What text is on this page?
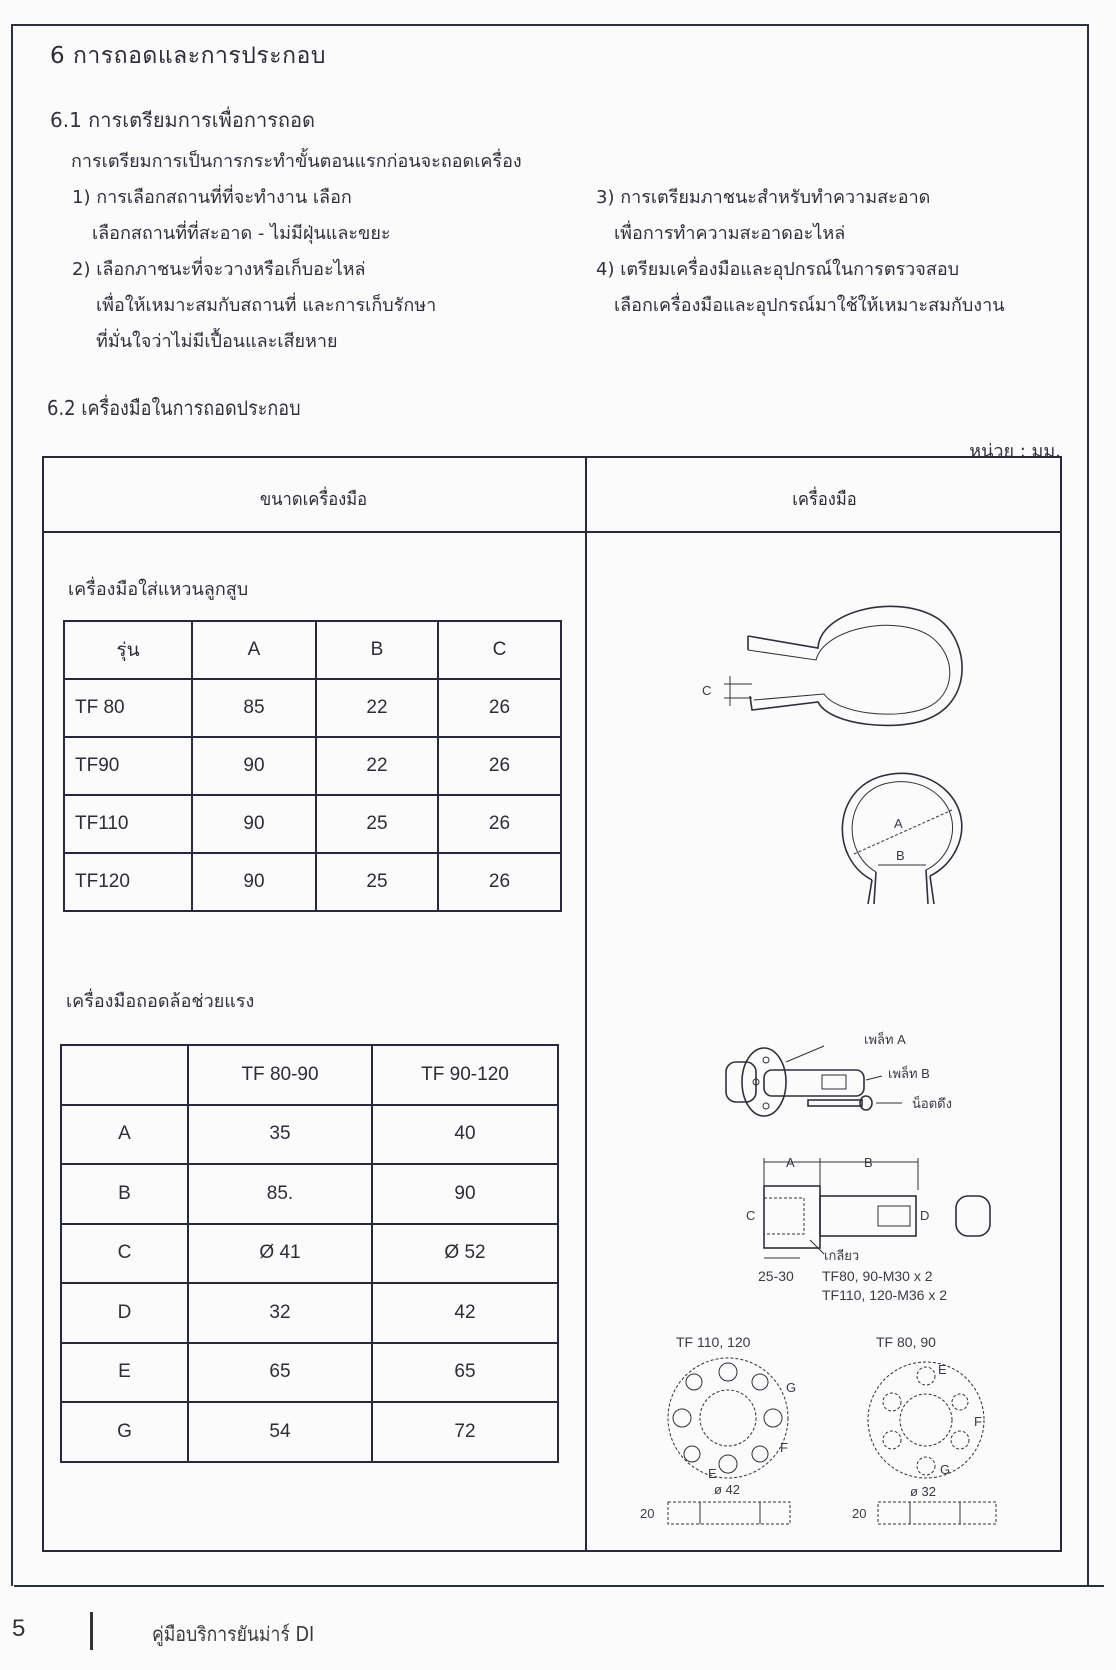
6 การถอดและการประกอบ
6.1 การเตรียมการเพื่อการถอด
การเตรียมการเป็นการกระทำขั้นตอนแรกก่อนจะถอดเครื่อง
1) การเลือกสถานที่ที่จะทำงาน เลือก
เลือกสถานที่ที่สะอาด - ไม่มีฝุ่นและขยะ
2) เลือกภาชนะที่จะวางหรือเก็บอะไหล่
เพื่อให้เหมาะสมกับสถานที่ และการเก็บรักษา
ที่มั่นใจว่าไม่มีเปื้อนและเสียหาย
3) การเตรียมภาชนะสำหรับทำความสะอาด
เพื่อการทำความสะอาดอะไหล่
4) เตรียมเครื่องมือและอุปกรณ์ในการตรวจสอบ
เลือกเครื่องมือและอุปกรณ์มาใช้ให้เหมาะสมกับงาน
6.2 เครื่องมือในการถอดประกอบ
หน่วย : มม.
ขนาดเครื่องมือ	เครื่องมือ
เครื่องมือใส่แหวนลูกสูบ
รุ่น	A	B	C
TF 80	85	22	26
TF90	90	22	26
TF110	90	25	26
TF120	90	25	26
C
A
B
เครื่องมือถอดล้อช่วยแรง
	TF 80-90	TF 90-120
A	35	40
B	85.	90
C	Ø 41	Ø 52
D	32	42
E	65	65
G	54	72
เพล็ท A
เพล็ท B
น็อตดึง
A	B
C	D
เกลียว
25-30 TF80, 90-M30 x 2
TF110, 120-M36 x 2
TF 110, 120	TF 80, 90
G
F
E
ø 42
20
E
F
G
ø 32
20
5	คู่มือบริการยันม่าร์ DI
